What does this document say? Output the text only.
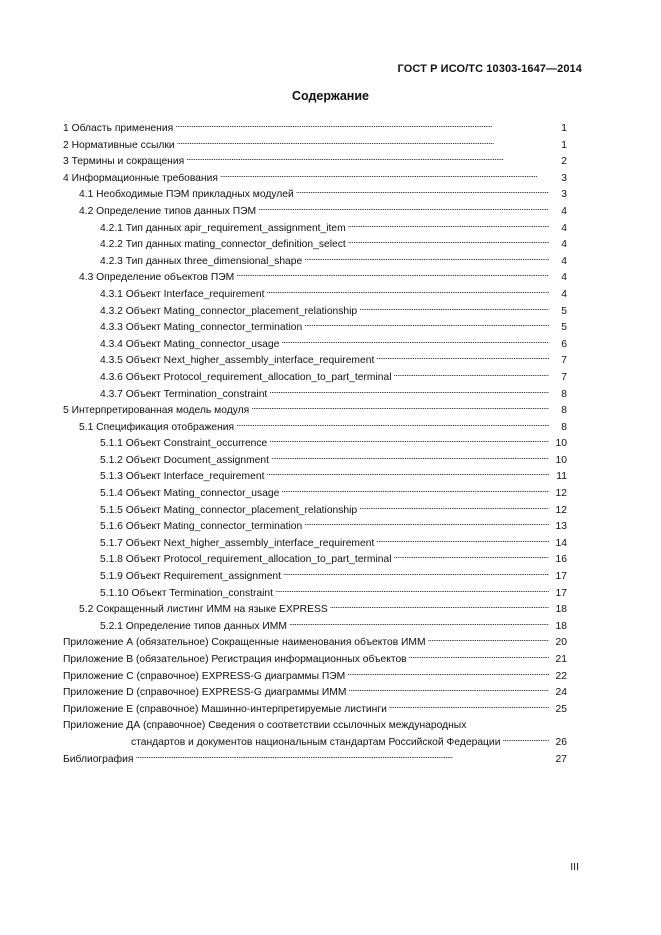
ГОСТ Р ИСО/ТС 10303-1647—2014
Содержание
1 Область применения . . .	1
2 Нормативные ссылки . . .	1
3 Термины и сокращения . . .	2
4 Информационные требования . . .	3
4.1 Необходимые ПЭМ прикладных модулей . . .	3
4.2 Определение типов данных ПЭМ . . .	4
4.2.1 Тип данных apir_requirement_assignment_item . . .	4
4.2.2 Тип данных mating_connector_definition_select . . .	4
4.2.3 Тип данных three_dimensional_shape . . .	4
4.3 Определение объектов ПЭМ . . .	4
4.3.1 Объект Interface_requirement . . .	4
4.3.2 Объект Mating_connector_placement_relationship . . .	5
4.3.3 Объект Mating_connector_termination . . .	5
4.3.4 Объект Mating_connector_usage . . .	6
4.3.5 Объект Next_higher_assembly_interface_requirement . . .	7
4.3.6 Объект Protocol_requirement_allocation_to_part_terminal . . .	7
4.3.7 Объект Termination_constraint . . .	8
5 Интерпретированная модель модуля . . .	8
5.1 Спецификация отображения . . .	8
5.1.1 Объект Constraint_occurrence . . .	10
5.1.2 Объект Document_assignment . . .	10
5.1.3 Объект Interface_requirement . . .	11
5.1.4 Объект Mating_connector_usage . . .	12
5.1.5 Объект Mating_connector_placement_relationship . . .	12
5.1.6 Объект Mating_connector_termination . . .	13
5.1.7 Объект Next_higher_assembly_interface_requirement . . .	14
5.1.8 Объект Protocol_requirement_allocation_to_part_terminal . . .	16
5.1.9 Объект Requirement_assignment . . .	17
5.1.10 Объект Termination_constraint . . .	17
5.2 Сокращенный листинг ИММ на языке EXPRESS . . .	18
5.2.1 Определение типов данных ИММ . . .	18
Приложение А (обязательное) Сокращенные наименования объектов ИММ . . .	20
Приложение В (обязательное) Регистрация информационных объектов . . .	21
Приложение С (справочное) EXPRESS-G диаграммы ПЭМ . . .	22
Приложение D (справочное) EXPRESS-G диаграммы ИММ . . .	24
Приложение Е (справочное) Машинно-интерпретируемые листинги . . .	25
Приложение ДА (справочное) Сведения о соответствии ссылочных международных
стандартов и документов национальным стандартам Российской Федерации . . .	26
Библиография . . .	27
III
